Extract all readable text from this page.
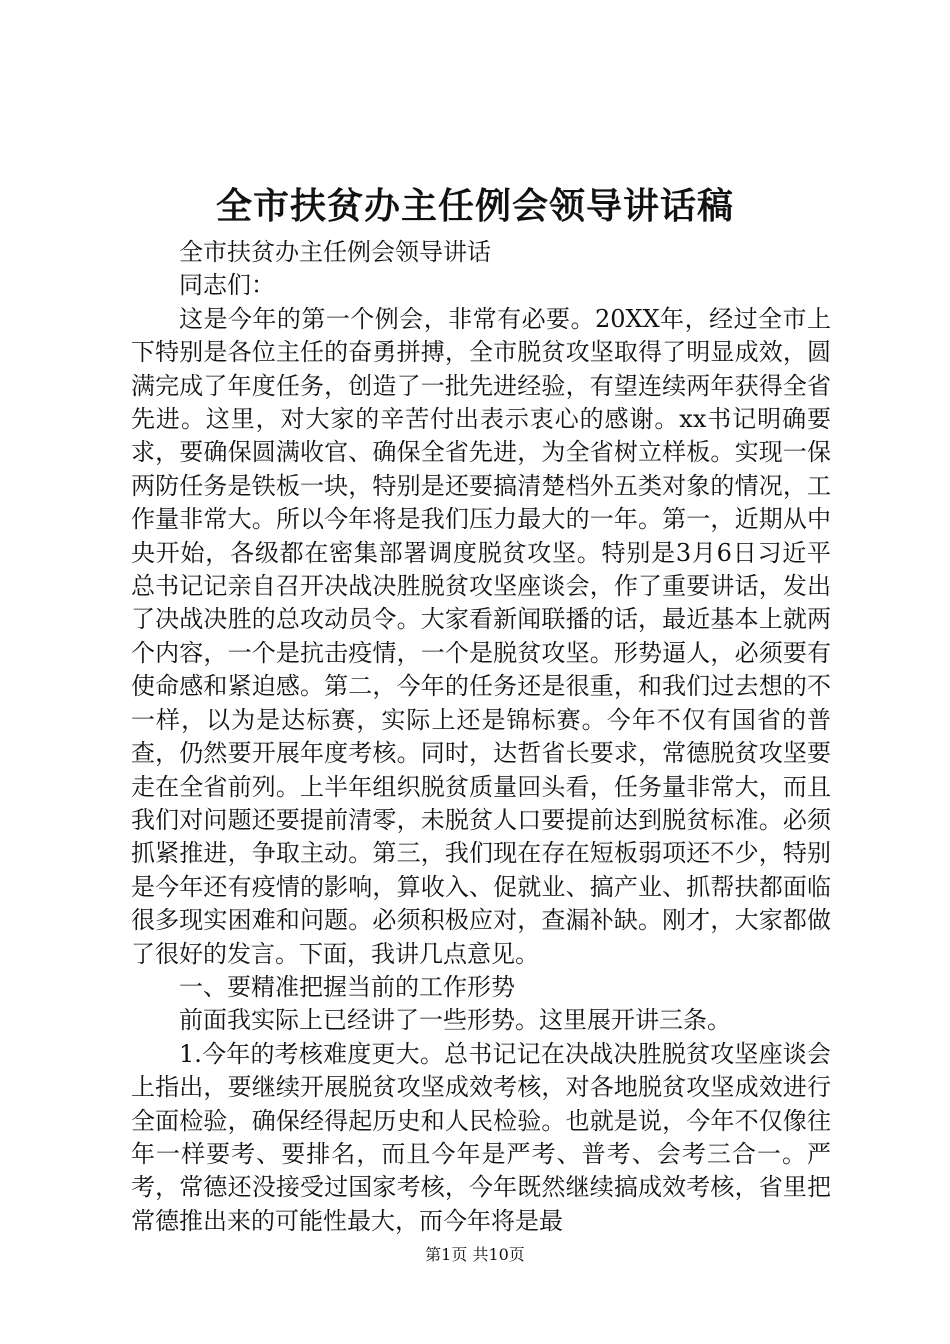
全市扶贫办主任例会领导讲话稿

全市扶贫办主任例会领导讲话

同志们：

这是今年的第一个例会，非常有必要。20XX年，经过全市上下特别是各位主任的奋勇拼搏，全市脱贫攻坚取得了明显成效，圆满完成了年度任务，创造了一批先进经验，有望连续两年获得全省先进。这里，对大家的辛苦付出表示衷心的感谢。xx书记明确要求，要确保圆满收官、确保全省先进，为全省树立样板。实现一保两防任务是铁板一块，特别是还要搞清楚档外五类对象的情况，工作量非常大。所以今年将是我们压力最大的一年。第一，近期从中央开始，各级都在密集部署调度脱贫攻坚。特别是3月6日习近平总书记记亲自召开决战决胜脱贫攻坚座谈会，作了重要讲话，发出了决战决胜的总攻动员令。大家看新闻联播的话，最近基本上就两个内容，一个是抗击疫情，一个是脱贫攻坚。形势逼人，必须要有使命感和紧迫感。第二，今年的任务还是很重，和我们过去想的不一样，以为是达标赛，实际上还是锦标赛。今年不仅有国省的普查，仍然要开展年度考核。同时，达哲省长要求，常德脱贫攻坚要走在全省前列。上半年组织脱贫质量回头看，任务量非常大，而且我们对问题还要提前清零，未脱贫人口要提前达到脱贫标准。必须抓紧推进，争取主动。第三，我们现在存在短板弱项还不少，特别是今年还有疫情的影响，算收入、促就业、搞产业、抓帮扶都面临很多现实困难和问题。必须积极应对，查漏补缺。刚才，大家都做了很好的发言。下面，我讲几点意见。

一、要精准把握当前的工作形势

前面我实际上已经讲了一些形势。这里展开讲三条。

1.今年的考核难度更大。总书记记在决战决胜脱贫攻坚座谈会上指出，要继续开展脱贫攻坚成效考核，对各地脱贫攻坚成效进行全面检验，确保经得起历史和人民检验。也就是说，今年不仅像往年一样要考、要排名，而且今年是严考、普考、会考三合一。严考，常德还没接受过国家考核，今年既然继续搞成效考核，省里把常德推出来的可能性最大，而今年将是最

第1页 共10页
